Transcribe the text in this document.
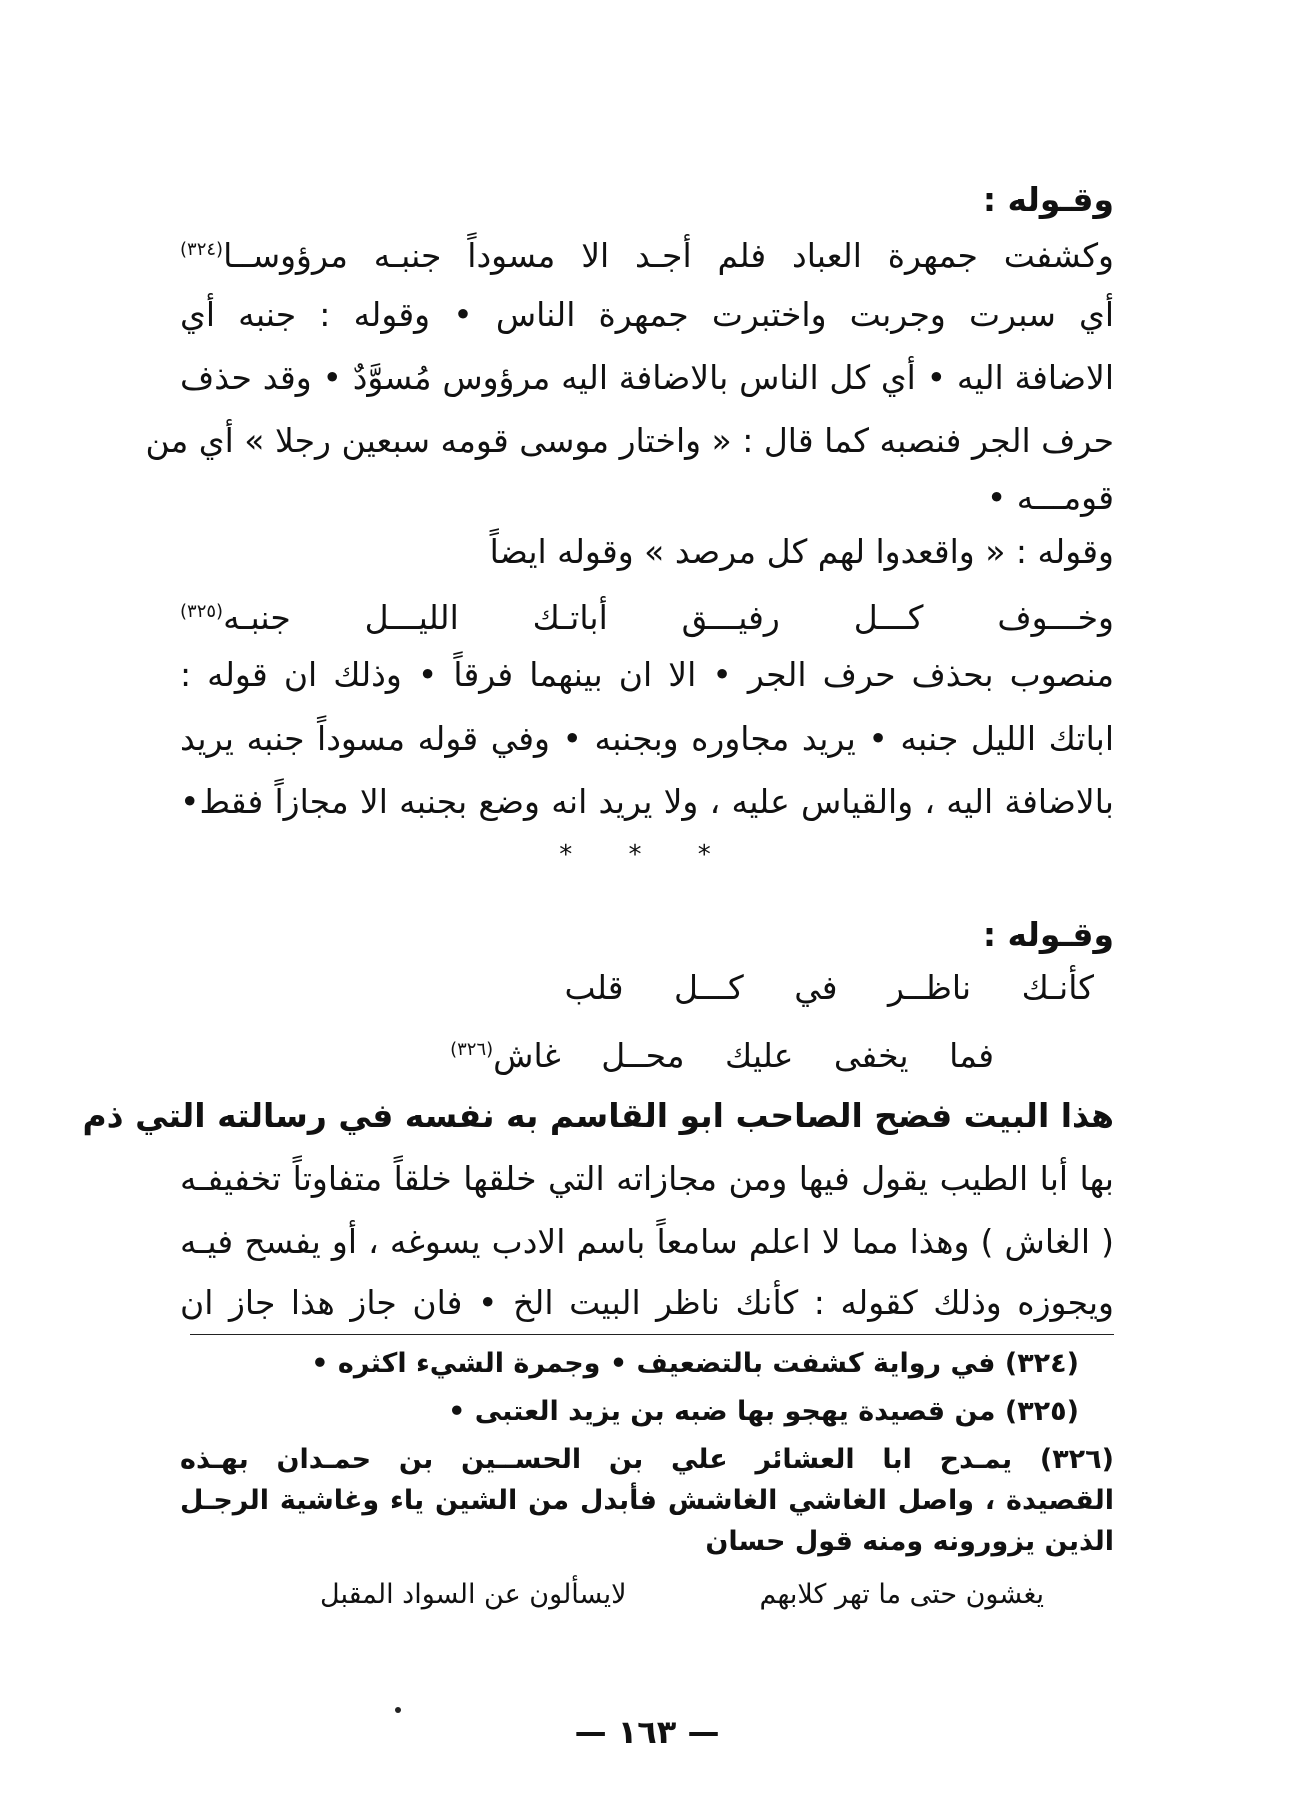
وقـوله :
وكشفت جمهرة العباد فلم أجـد الا مسوداً جنبـه مرؤوســا$^{(٣٢٤)}$
أي سبرت وجربت واختبرت جمهرة الناس • وقوله : جنبه أي
الاضافة اليه • أي كل الناس بالاضافة اليه مرؤوس مُسوَّدٌ • وقد حذف
حرف الجر فنصبه كما قال : « واختار موسى قومه سبعين رجلا » أي من
قومـــه •
وقوله : « واقعدوا لهم كل مرصد » وقوله ايضاً
وخـــوف كـــل رفيـــق أباتـك الليـــل جنبـه$^{(٣٢٥)}$
منصوب بحذف حرف الجر • الا ان بينهما فرقاً • وذلك ان قوله :
اباتك الليل جنبه • يريد مجاوره وبجنبه • وفي قوله مسوداً جنبه يريد
بالاضافة اليه ، والقياس عليه ، ولا يريد انه وضع بجنبه الا مجازاً فقط•
* * *
وقـوله :
كأنـك ناظــر في كـــل قلب
فما يخفى عليك محــل غاش$^{(٣٢٦)}$
هذا البيت فضح الصاحب ابو القاسم به نفسه في رسالته التي ذم
بها أبا الطيب يقول فيها ومن مجازاته التي خلقها خلقاً متفاوتاً تخفيفـه
( الغاش ) وهذا مما لا اعلم سامعاً باسم الادب يسوغه ، أو يفسح فيـه
ويجوزه وذلك كقوله : كأنك ناظر البيت الخ • فان جاز هذا جاز ان
(٣٢٤) في رواية كشفت بالتضعيف • وجمرة الشيء اكثره •
(٣٢٥) من قصيدة يهجو بها ضبه بن يزيد العتبى •
(٣٢٦) يمـدح ابا العشائر علي بن الحســين بن حمـدان بهـذه
القصيدة ، واصل الغاشي الغاشش فأبدل من الشين ياء وغاشية الرجـل
الذين يزورونه ومنه قول حسان
يغشون حتى ما تهر كلابهم
لايسألون عن السواد المقبل
— ١٦٣ —
